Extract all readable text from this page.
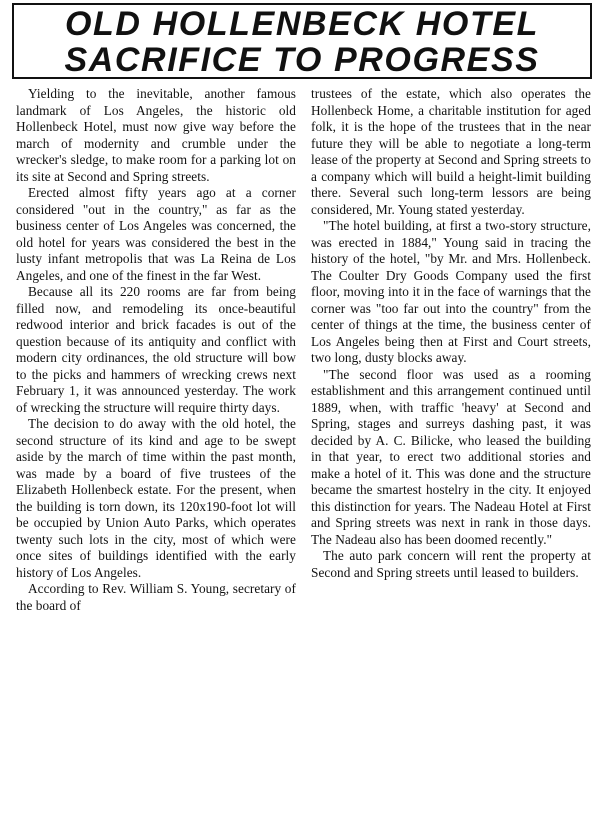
OLD HOLLENBECK HOTEL
SACRIFICE TO PROGRESS

Yielding to the inevitable, another famous landmark of Los Angeles, the historic old Hollenbeck Hotel, must now give way before the march of modernity and crumble under the wrecker's sledge, to make room for a parking lot on its site at Second and Spring streets.

Erected almost fifty years ago at a corner considered "out in the country," as far as the business center of Los Angeles was concerned, the old hotel for years was considered the best in the lusty infant metropolis that was La Reina de Los Angeles, and one of the finest in the far West.

Because all its 220 rooms are far from being filled now, and remodeling its once-beautiful redwood interior and brick facades is out of the question because of its antiquity and conflict with modern city ordinances, the old structure will bow to the picks and hammers of wrecking crews next February 1, it was announced yesterday. The work of wrecking the structure will require thirty days.

The decision to do away with the old hotel, the second structure of its kind and age to be swept aside by the march of time within the past month, was made by a board of five trustees of the Elizabeth Hollenbeck estate. For the present, when the building is torn down, its 120x190-foot lot will be occupied by Union Auto Parks, which operates twenty such lots in the city, most of which were once sites of buildings identified with the early history of Los Angeles.

According to Rev. William S. Young, secretary of the board of

trustees of the estate, which also operates the Hollenbeck Home, a charitable institution for aged folk, it is the hope of the trustees that in the near future they will be able to negotiate a long-term lease of the property at Second and Spring streets to a company which will build a height-limit building there. Several such long-term lessors are being considered, Mr. Young stated yesterday.

"The hotel building, at first a two-story structure, was erected in 1884," Young said in tracing the history of the hotel, "by Mr. and Mrs. Hollenbeck. The Coulter Dry Goods Company used the first floor, moving into it in the face of warnings that the corner was "too far out into the country" from the center of things at the time, the business center of Los Angeles being then at First and Court streets, two long, dusty blocks away.

"The second floor was used as a rooming establishment and this arrangement continued until 1889, when, with traffic 'heavy' at Second and Spring, stages and surreys dashing past, it was decided by A. C. Bilicke, who leased the building in that year, to erect two additional stories and make a hotel of it. This was done and the structure became the smartest hostelry in the city. It enjoyed this distinction for years. The Nadeau Hotel at First and Spring streets was next in rank in those days. The Nadeau also has been doomed recently."

The auto park concern will rent the property at Second and Spring streets until leased to builders.
